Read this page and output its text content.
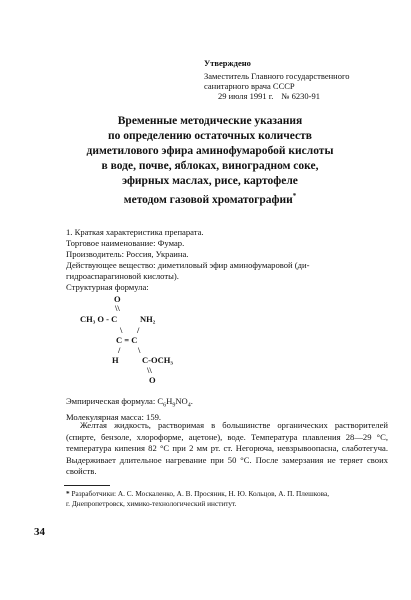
Утверждено
Заместитель Главного государственного
санитарного врача СССР
29 июля 1991 г. № 6230-91
Временные методические указания
по определению остаточных количеств
диметилового эфира аминофумаробой кислоты
в воде, почве, яблоках, виноградном соке,
эфирных маслах, рисе, картофеле
методом газовой хроматографии*
1. Краткая характеристика препарата.
Торговое наименование: Фумар.
Производитель: Россия, Украина.
Действующее вещество: диметиловый эфир аминофумаровой (ди-
гидроаспарагиновой кислоты).
Структурная формула:
O
\\
CH₃ O - C	NH₂
\ /
C = C
/ \
H	C-OCH₃
\\
O
Эмпирическая формула: $C_6H_9NO_4$.
Молекулярная масса: 159.
Желтая жидкость, растворимая в большинстве органических растворителей (спирте, бензоле, хлороформе, ацетоне), воде. Температура плавления 28—29 °C, температура кипения 82 °C при 2 мм рт. ст. Негорючa, невзрывоопасна, слаботегуча. Выдерживает длительное нагревание при 50 °C. После замерзания не теряет своих свойств.
* Разработчики: А. С. Москаленко, А. В. Просяник, Н. Ю. Кольцов, А. П. Плешкова,
г. Днепропетровск, химико-технологический институт.
34
